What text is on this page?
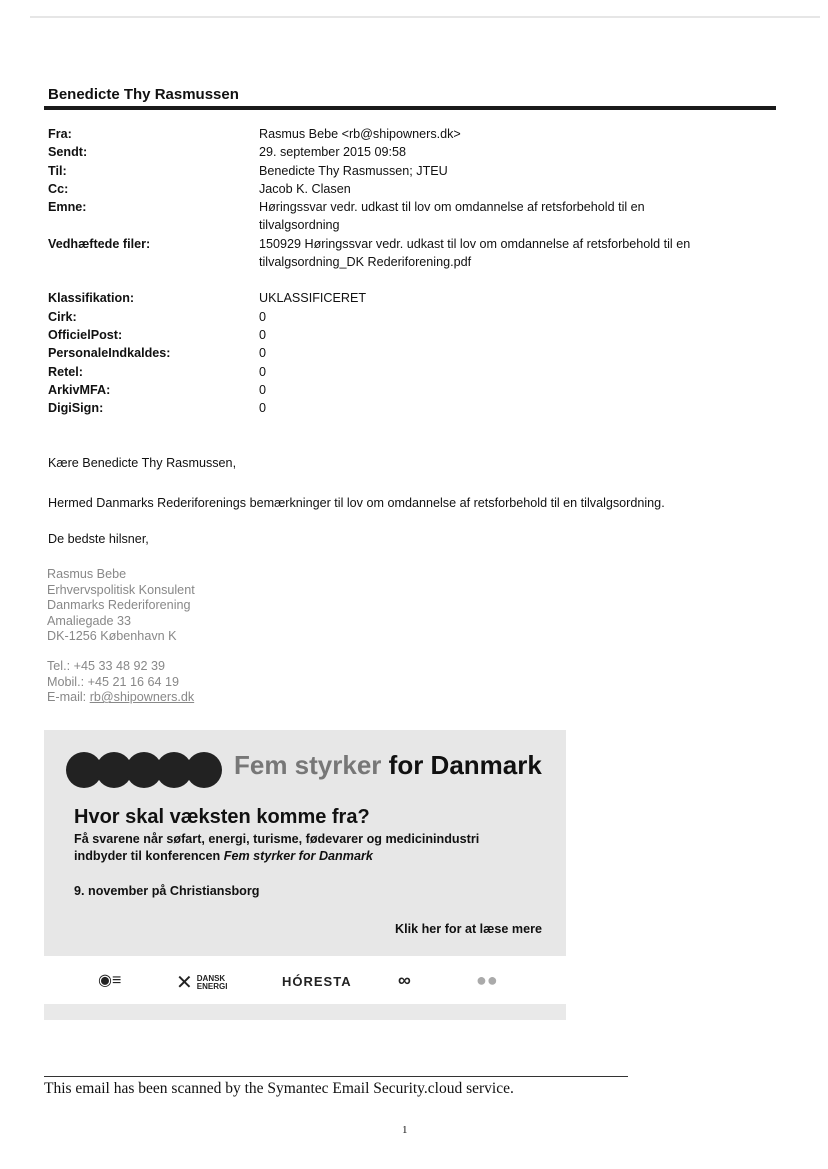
Benedicte Thy Rasmussen
Fra:	Rasmus Bebe <rb@shipowners.dk>
Sendt:	29. september 2015 09:58
Til:	Benedicte Thy Rasmussen; JTEU
Cc:	Jacob K. Clasen
Emne:	Høringssvar vedr. udkast til lov om omdannelse af retsforbehold til en
tilvalgsordning
Vedhæftede filer:	150929 Høringssvar vedr. udkast til lov om omdannelse af retsforbehold til en
tilvalgsordning_DK Rederiforening.pdf
Klassifikation:	UKLASSIFICERET
Cirk:	0
OfficielPost:	0
PersonaleIndkaldes:	0
Retel:	0
ArkivMFA:	0
DigiSign:	0
Kære Benedicte Thy Rasmussen,
Hermed Danmarks Rederiforenings bemærkninger til lov om omdannelse af retsforbehold til en tilvalgsordning.
De bedste hilsner,
Rasmus Bebe
Erhvervspolitisk Konsulent
Danmarks Rederiforening
Amaliegade 33
DK-1256 København K
Tel.: +45 33 48 92 39
Mobil.: +45 21 16 64 19
E-mail: rb@shipowners.dk
Fem styrker for Danmark
Hvor skal væksten komme fra?
Få svarene når søfart, energi, turisme, fødevarer og medicinindustri
indbyder til konferencen Fem styrker for Danmark
9. november på Christiansborg
Klik her for at læse mere
◉≡	✕ DANSK
ENERGI	HÓRESTA	∞	●●
This email has been scanned by the Symantec Email Security.cloud service.
1
